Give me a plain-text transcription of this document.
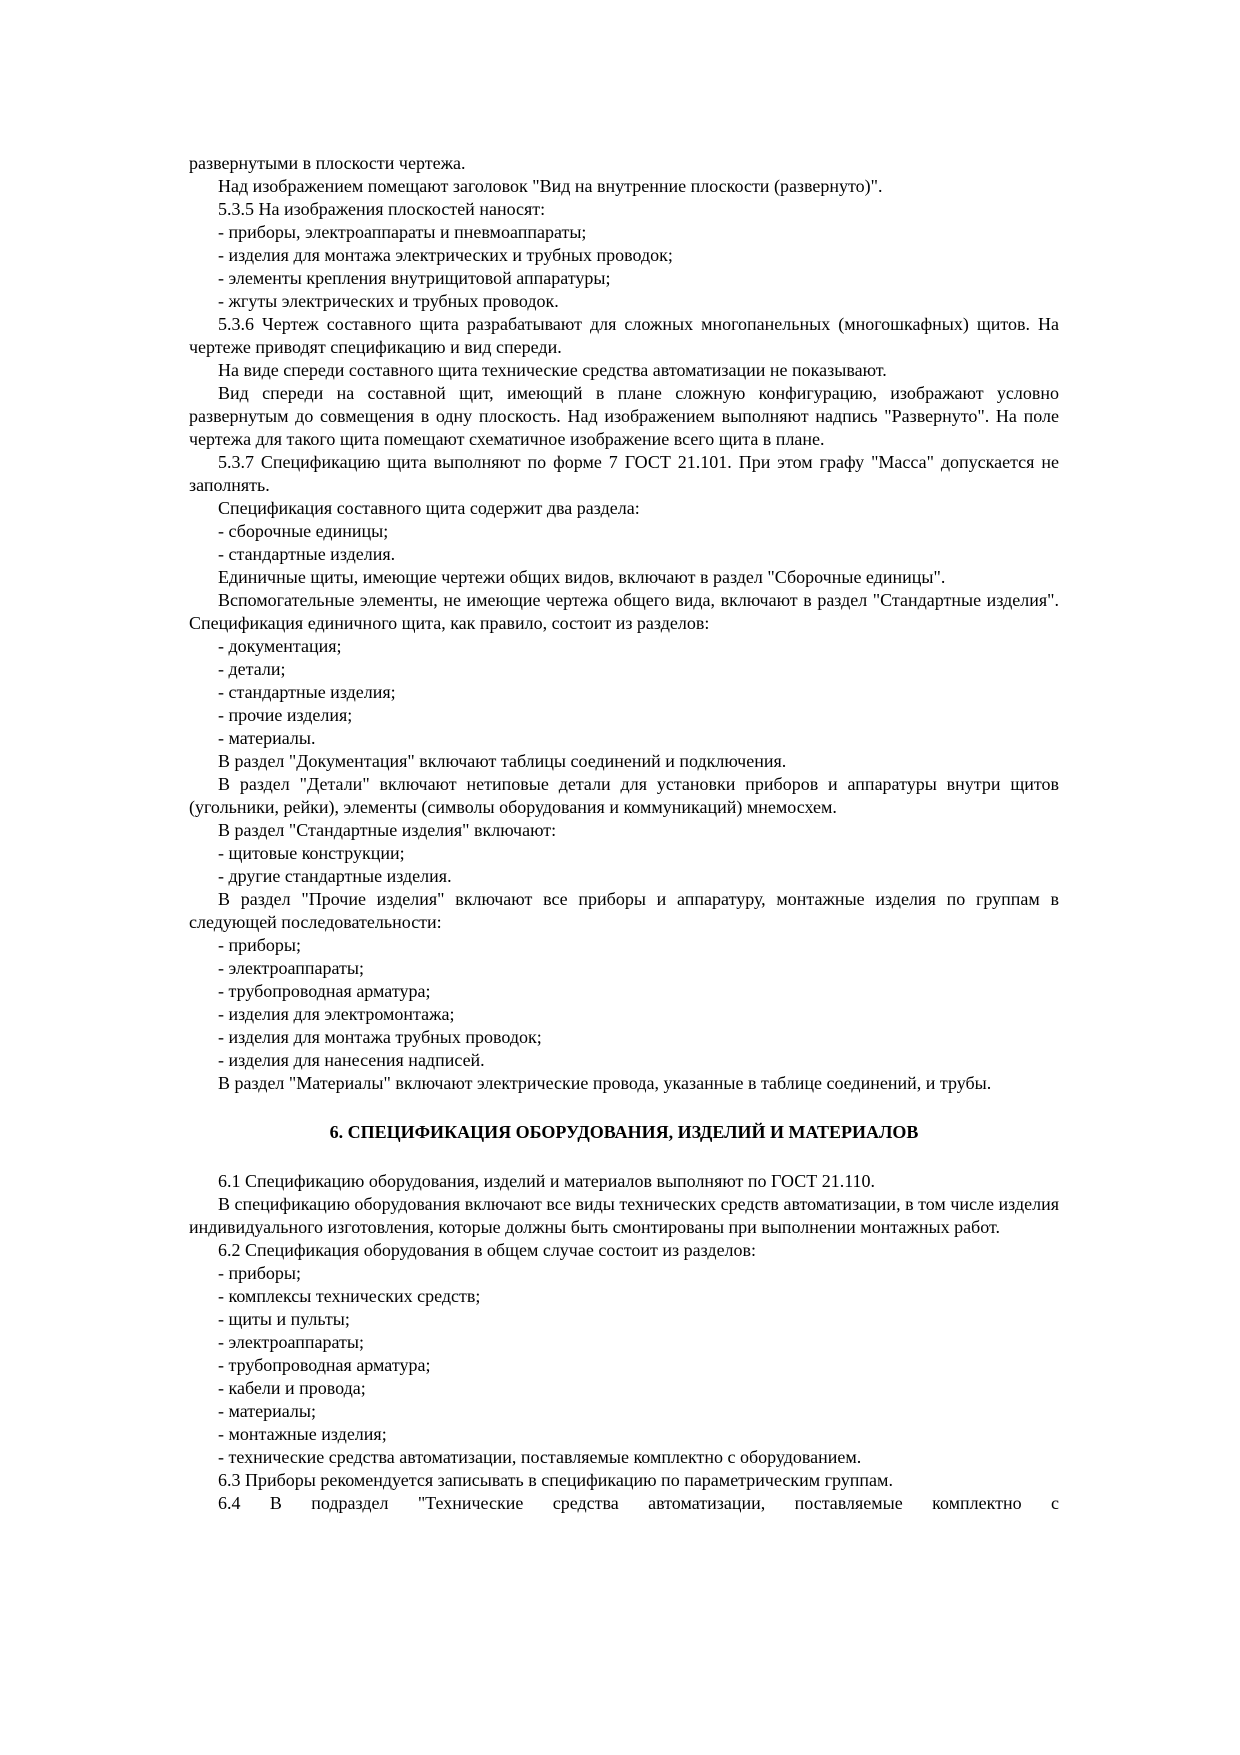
развернутыми в плоскости чертежа.

Над изображением помещают заголовок "Вид на внутренние плоскости (развернуто)".

5.3.5 На изображения плоскостей наносят:

- приборы, электроаппараты и пневмоаппараты;

- изделия для монтажа электрических и трубных проводок;

- элементы крепления внутрищитовой аппаратуры;

- жгуты электрических и трубных проводок.

5.3.6 Чертеж составного щита разрабатывают для сложных многопанельных (многошкафных) щитов. На чертеже приводят спецификацию и вид спереди.

На виде спереди составного щита технические средства автоматизации не показывают.

Вид спереди на составной щит, имеющий в плане сложную конфигурацию, изображают условно развернутым до совмещения в одну плоскость. Над изображением выполняют надпись "Развернуто". На поле чертежа для такого щита помещают схематичное изображение всего щита в плане.

5.3.7 Спецификацию щита выполняют по форме 7 ГОСТ 21.101. При этом графу "Масса" допускается не заполнять.

Спецификация составного щита содержит два раздела:

- сборочные единицы;

- стандартные изделия.

Единичные щиты, имеющие чертежи общих видов, включают в раздел "Сборочные единицы".

Вспомогательные элементы, не имеющие чертежа общего вида, включают в раздел "Стандартные изделия". Спецификация единичного щита, как правило, состоит из разделов:

- документация;

- детали;

- стандартные изделия;

- прочие изделия;

- материалы.

В раздел "Документация" включают таблицы соединений и подключения.

В раздел "Детали" включают нетиповые детали для установки приборов и аппаратуры внутри щитов (угольники, рейки), элементы (символы оборудования и коммуникаций) мнемосхем.

В раздел "Стандартные изделия" включают:

- щитовые конструкции;

- другие стандартные изделия.

В раздел "Прочие изделия" включают все приборы и аппаратуру, монтажные изделия по группам в следующей последовательности:

- приборы;

- электроаппараты;

- трубопроводная арматура;

- изделия для электромонтажа;

- изделия для монтажа трубных проводок;

- изделия для нанесения надписей.

В раздел "Материалы" включают электрические провода, указанные в таблице соединений, и трубы.

6. СПЕЦИФИКАЦИЯ ОБОРУДОВАНИЯ, ИЗДЕЛИЙ И МАТЕРИАЛОВ

6.1 Спецификацию оборудования, изделий и материалов выполняют по ГОСТ 21.110.

В спецификацию оборудования включают все виды технических средств автоматизации, в том числе изделия индивидуального изготовления, которые должны быть смонтированы при выполнении монтажных работ.

6.2 Спецификация оборудования в общем случае состоит из разделов:

- приборы;

- комплексы технических средств;

- щиты и пульты;

- электроаппараты;

- трубопроводная арматура;

- кабели и провода;

- материалы;

- монтажные изделия;

- технические средства автоматизации, поставляемые комплектно с оборудованием.

6.3 Приборы рекомендуется записывать в спецификацию по параметрическим группам.

6.4 В подраздел "Технические средства автоматизации, поставляемые комплектно с
